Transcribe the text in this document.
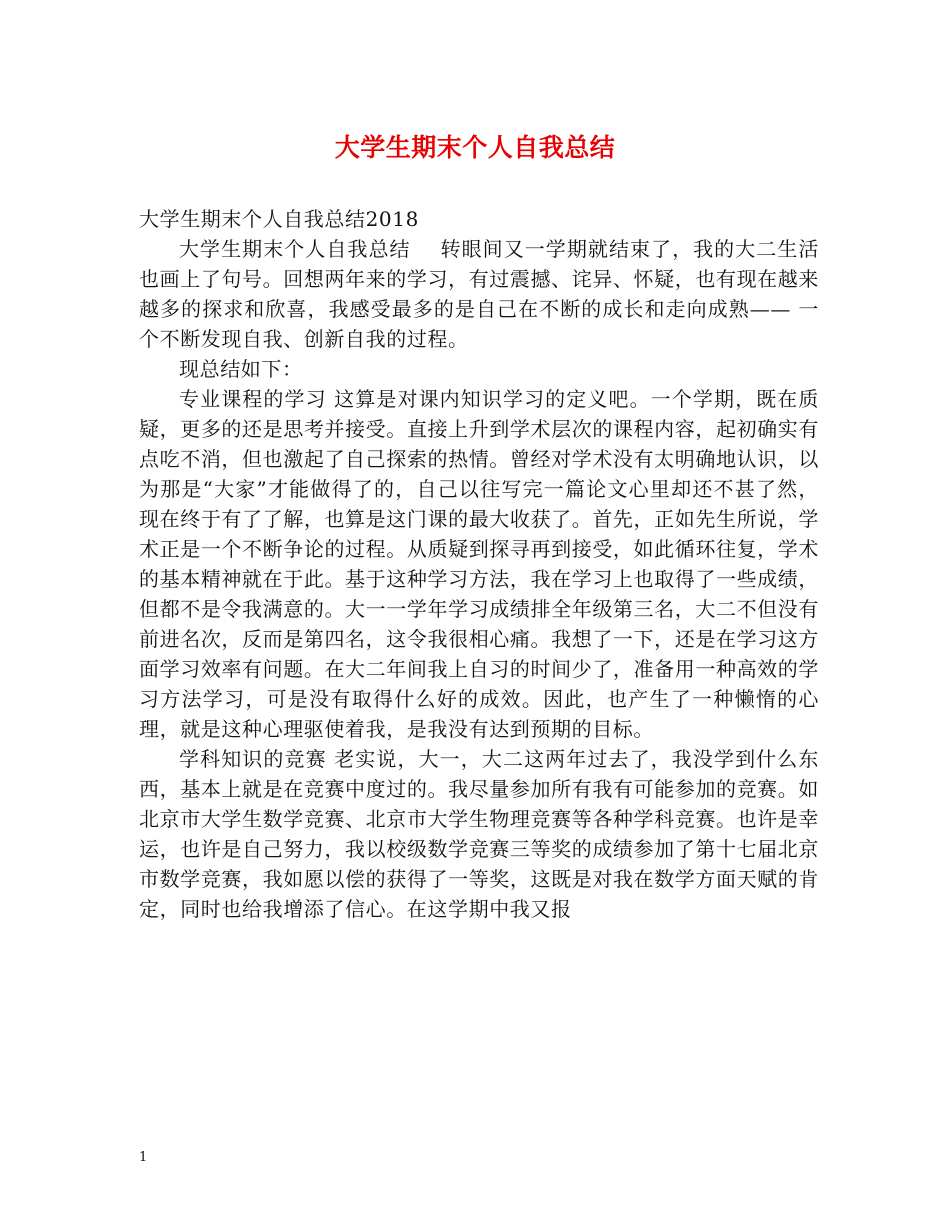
大学生期末个人自我总结

大学生期末个人自我总结2018

大学生期末个人自我总结 转眼间又一学期就结束了，我的大二生活也画上了句号。回想两年来的学习，有过震撼、诧异、怀疑，也有现在越来越多的探求和欣喜，我感受最多的是自己在不断的成长和走向成熟—— 一个不断发现自我、创新自我的过程。

现总结如下：

专业课程的学习 这算是对课内知识学习的定义吧。一个学期，既在质疑，更多的还是思考并接受。直接上升到学术层次的课程内容，起初确实有点吃不消，但也激起了自己探索的热情。曾经对学术没有太明确地认识，以为那是“大家”才能做得了的，自己以往写完一篇论文心里却还不甚了然，现在终于有了了解，也算是这门课的最大收获了。首先，正如先生所说，学术正是一个不断争论的过程。从质疑到探寻再到接受，如此循环往复，学术的基本精神就在于此。基于这种学习方法，我在学习上也取得了一些成绩，但都不是令我满意的。大一一学年学习成绩排全年级第三名，大二不但没有前进名次，反而是第四名，这令我很相心痛。我想了一下，还是在学习这方面学习效率有问题。在大二年间我上自习的时间少了，准备用一种高效的学习方法学习，可是没有取得什么好的成效。因此，也产生了一种懒惰的心理，就是这种心理驱使着我，是我没有达到预期的目标。

学科知识的竞赛 老实说，大一，大二这两年过去了，我没学到什么东西，基本上就是在竞赛中度过的。我尽量参加所有我有可能参加的竞赛。如北京市大学生数学竞赛、北京市大学生物理竞赛等各种学科竞赛。也许是幸运，也许是自己努力，我以校级数学竞赛三等奖的成绩参加了第十七届北京市数学竞赛，我如愿以偿的获得了一等奖，这既是对我在数学方面天赋的肯定，同时也给我增添了信心。在这学期中我又报

1
